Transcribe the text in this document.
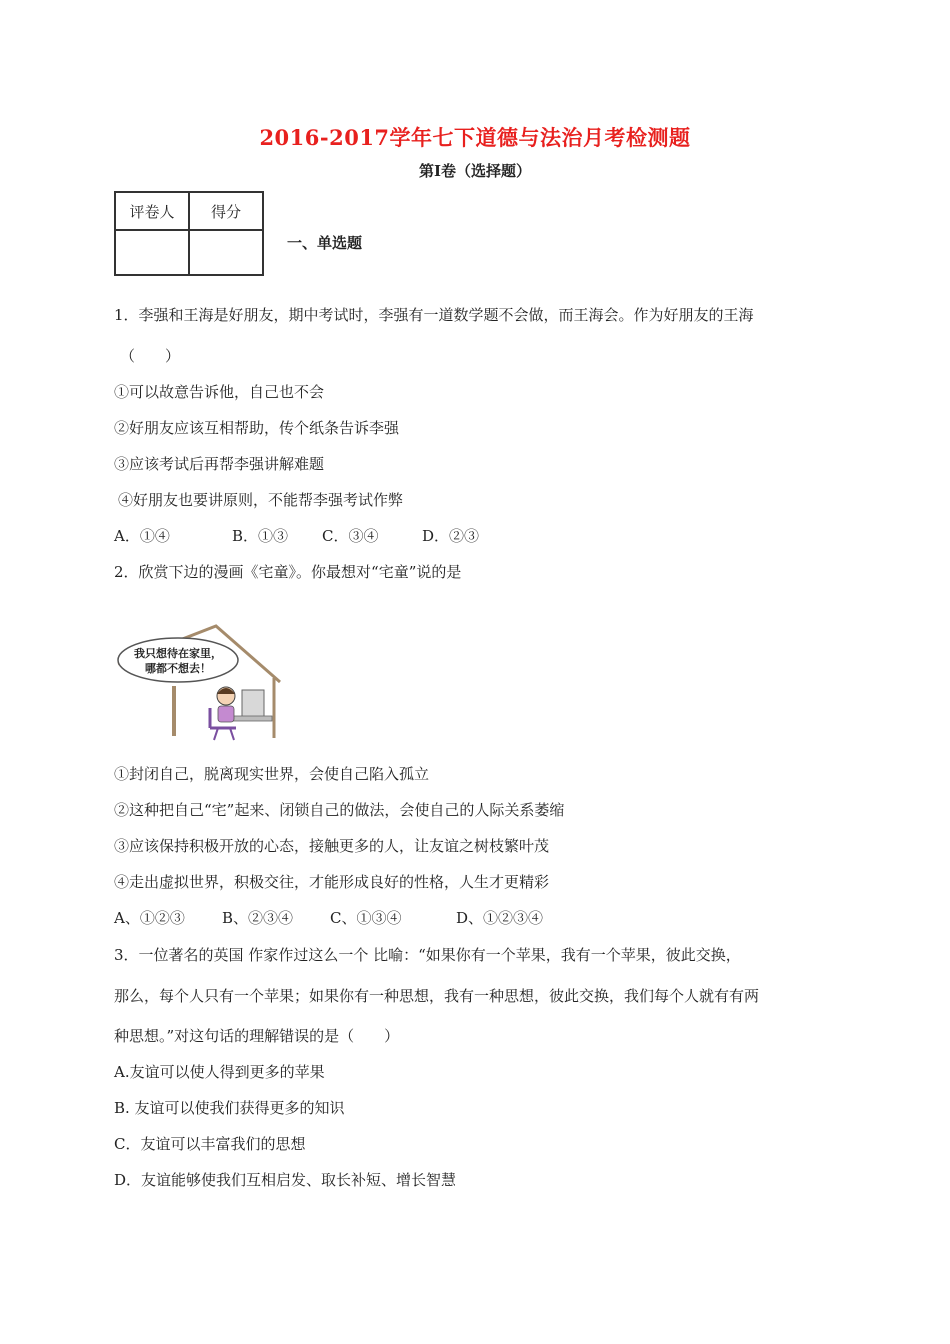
2016-2017学年七下道德与法治月考检测题
第Ⅰ卷（选择题）
评卷人	得分

一、单选题
1．李强和王海是好朋友，期中考试时，李强有一道数学题不会做，而王海会。作为好朋友的王海
（　　）
①可以故意告诉他，自己也不会
②好朋友应该互相帮助，传个纸条告诉李强
③应该考试后再帮李强讲解难题
④好朋友也要讲原则，不能帮李强考试作弊
A．①④	B．①③ C．③④	D．②③
2．欣赏下边的漫画《宅童》。你最想对“宅童”说的是
我只想待在家里，
哪都不想去！
①封闭自己，脱离现实世界，会使自己陷入孤立
②这种把自己“宅”起来、闭锁自己的做法，会使自己的人际关系萎缩
③应该保持积极开放的心态，接触更多的人，让友谊之树枝繁叶茂
④走出虚拟世界，积极交往，才能形成良好的性格，人生才更精彩
A、①②③ B、②③④ C、①③④	D、①②③④
3．一位著名的英国 作家作过这么一个 比喻：“如果你有一个苹果，我有一个苹果，彼此交换，
那么，每个人只有一个苹果；如果你有一种思想，我有一种思想，彼此交换，我们每个人就有有两
种思想。”对这句话的理解错误的是（　　）
A.友谊可以使人得到更多的苹果
B. 友谊可以使我们获得更多的知识
C．友谊可以丰富我们的思想
D．友谊能够使我们互相启发、取长补短、增长智慧
